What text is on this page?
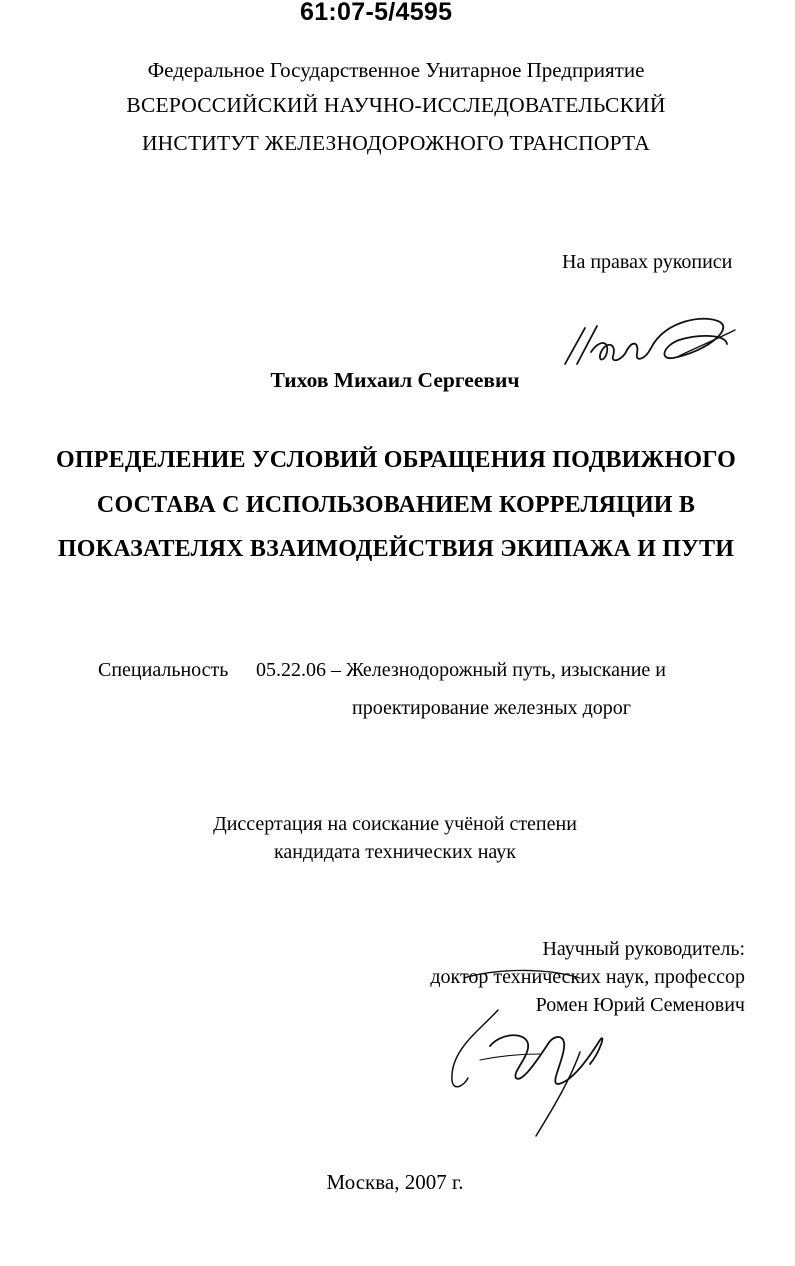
61:07-5/4595
Федеральное Государственное Унитарное Предприятие
ВСЕРОССИЙСКИЙ НАУЧНО-ИССЛЕДОВАТЕЛЬСКИЙ
ИНСТИТУТ ЖЕЛЕЗНОДОРОЖНОГО ТРАНСПОРТА
На правах рукописи
Тихов Михаил Сергеевич
ОПРЕДЕЛЕНИЕ УСЛОВИЙ ОБРАЩЕНИЯ ПОДВИЖНОГО
СОСТАВА С ИСПОЛЬЗОВАНИЕМ КОРРЕЛЯЦИИ В
ПОКАЗАТЕЛЯХ ВЗАИМОДЕЙСТВИЯ ЭКИПАЖА И ПУТИ
Специальность 05.22.06 – Железнодорожный путь, изыскание и
проектирование железных дорог
Диссертация на соискание учёной степени
кандидата технических наук
Научный руководитель:
доктор технических наук, профессор
Ромен Юрий Семенович
Москва, 2007 г.
